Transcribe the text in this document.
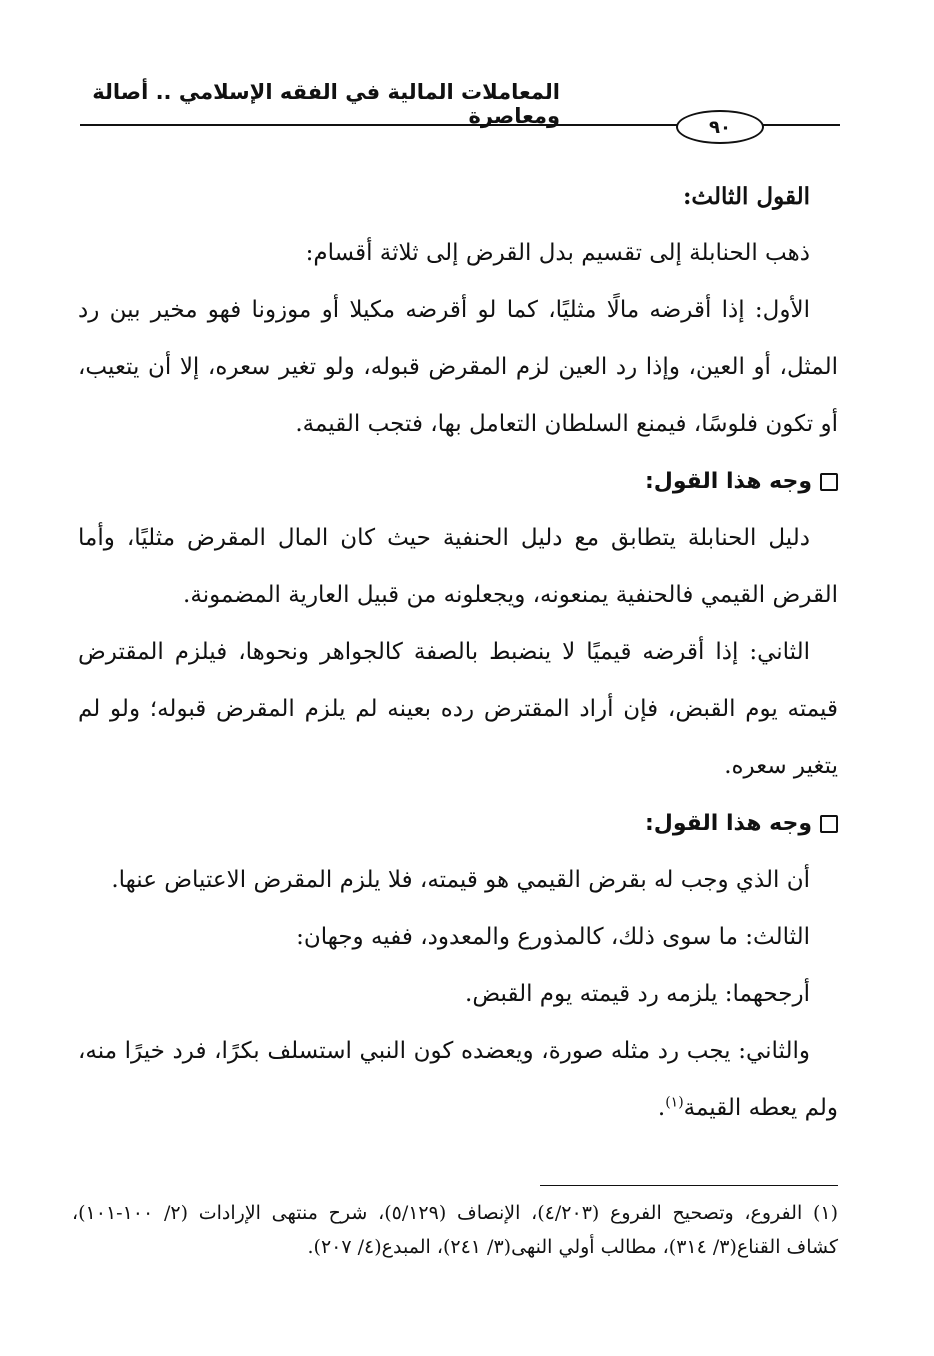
المعاملات المالية في الفقه الإسلامي .. أصالة ومعاصرة	٩٠

القول الثالث:

ذهب الحنابلة إلى تقسيم بدل القرض إلى ثلاثة أقسام:

الأول: إذا أقرضه مالًا مثليًا، كما لو أقرضه مكيلا أو موزونا فهو مخير بين رد المثل، أو العين، وإذا رد العين لزم المقرض قبوله، ولو تغير سعره، إلا أن يتعيب، أو تكون فلوسًا، فيمنع السلطان التعامل بها، فتجب القيمة.

وجه هذا القول:

دليل الحنابلة يتطابق مع دليل الحنفية حيث كان المال المقرض مثليًا، وأما القرض القيمي فالحنفية يمنعونه، ويجعلونه من قبيل العارية المضمونة.

الثاني: إذا أقرضه قيميًا لا ينضبط بالصفة كالجواهر ونحوها، فيلزم المقترض قيمته يوم القبض، فإن أراد المقترض رده بعينه لم يلزم المقرض قبوله؛ ولو لم يتغير سعره.

وجه هذا القول:

أن الذي وجب له بقرض القيمي هو قيمته، فلا يلزم المقرض الاعتياض عنها.

الثالث: ما سوى ذلك، كالمذورع والمعدود، ففيه وجهان:

أرجحهما: يلزمه رد قيمته يوم القبض.

والثاني: يجب رد مثله صورة، ويعضده كون النبي استسلف بكرًا، فرد خيرًا منه، ولم يعطه القيمة$^{(١)}$.

(١) الفروع، وتصحيح الفروع (٤/٢٠٣)، الإنصاف (٥/١٢٩)، شرح منتهى الإرادات (٢/ ١٠٠-١٠١)، كشاف القناع(٣/ ٣١٤)، مطالب أولي النهى(٣/ ٢٤١)، المبدع(٤/ ٢٠٧).
